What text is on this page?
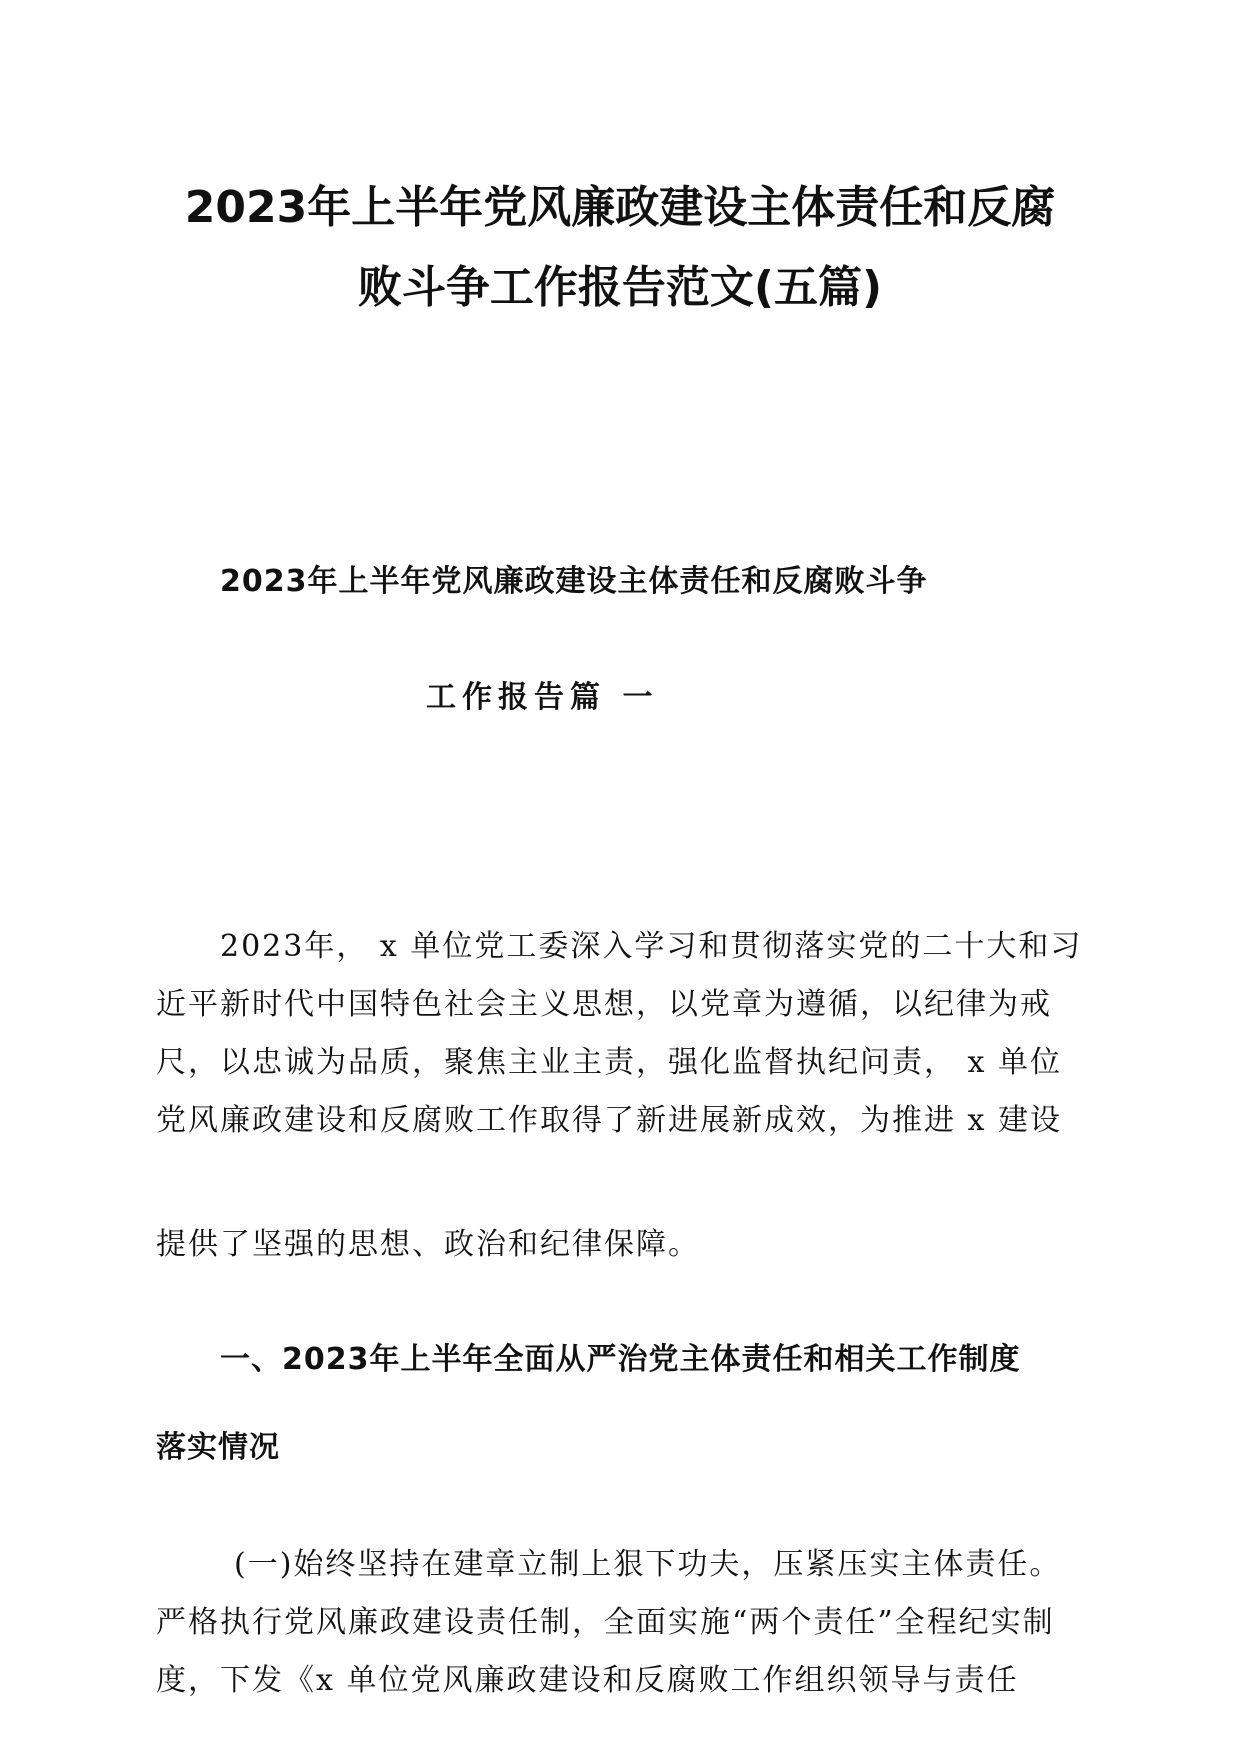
2023年上半年党风廉政建设主体责任和反腐
败斗争工作报告范文(五篇)
2023年上半年党风廉政建设主体责任和反腐败斗争
工作报告篇 一

2023年， x 单位党工委深入学习和贯彻落实党的二十大和习 近平新时代中国特色社会主义思想，以党章为遵循，以纪律为戒 尺，以忠诚为品质，聚焦主业主责，强化监督执纪问责， x 单位 党风廉政建设和反腐败工作取得了新进展新成效，为推进 x 建设

提供了坚强的思想、政治和纪律保障。

一、2023年上半年全面从严治党主体责任和相关工作制度
落实情况

(一)始终坚持在建章立制上狠下功夫，压紧压实主体责任。严格执行党风廉政建设责任制，全面实施“两个责任”全程纪实制度，下发《x 单位党风廉政建设和反腐败工作组织领导与责任
